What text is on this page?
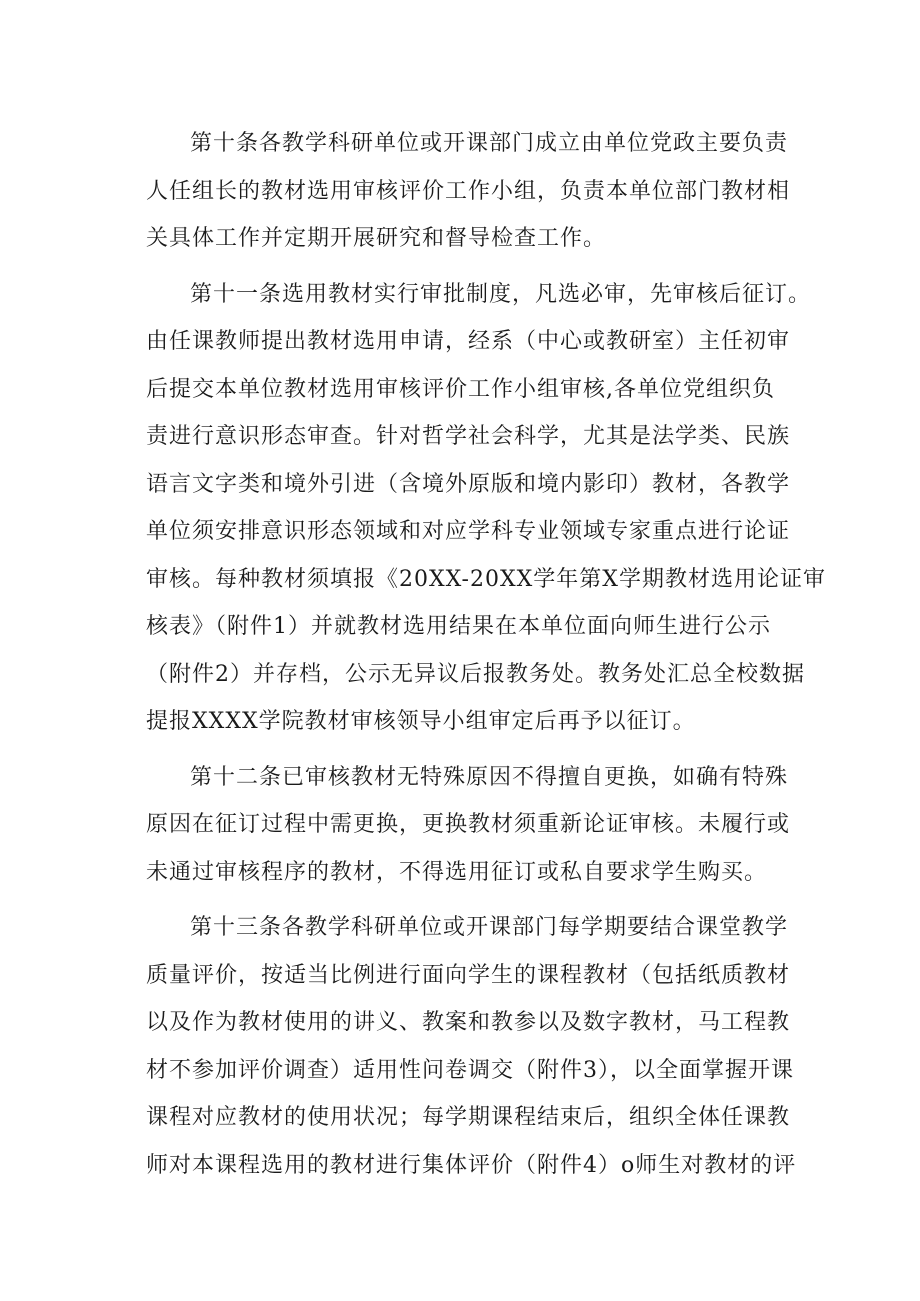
第十条各教学科研单位或开课部门成立由单位党政主要负责
人任组长的教材选用审核评价工作小组，负责本单位部门教材相
关具体工作并定期开展研究和督导检查工作。
第十一条选用教材实行审批制度，凡选必审，先审核后征订。
由任课教师提出教材选用申请，经系（中心或教研室）主任初审
后提交本单位教材选用审核评价工作小组审核,各单位党组织负
责进行意识形态审查。针对哲学社会科学，尤其是法学类、民族
语言文字类和境外引进（含境外原版和境内影印）教材，各教学
单位须安排意识形态领域和对应学科专业领域专家重点进行论证
审核。每种教材须填报《20XX-20XX学年第X学期教材选用论证审
核表》（附件1）并就教材选用结果在本单位面向师生进行公示
（附件2）并存档，公示无异议后报教务处。教务处汇总全校数据
提报XXXX学院教材审核领导小组审定后再予以征订。
第十二条已审核教材无特殊原因不得擅自更换，如确有特殊
原因在征订过程中需更换，更换教材须重新论证审核。未履行或
未通过审核程序的教材，不得选用征订或私自要求学生购买。
第十三条各教学科研单位或开课部门每学期要结合课堂教学
质量评价，按适当比例进行面向学生的课程教材（包括纸质教材
以及作为教材使用的讲义、教案和教参以及数字教材，马工程教
材不参加评价调查）适用性问卷调交（附件3），以全面掌握开课
课程对应教材的使用状况；每学期课程结束后，组织全体任课教
师对本课程选用的教材进行集体评价（附件4）o师生对教材的评
